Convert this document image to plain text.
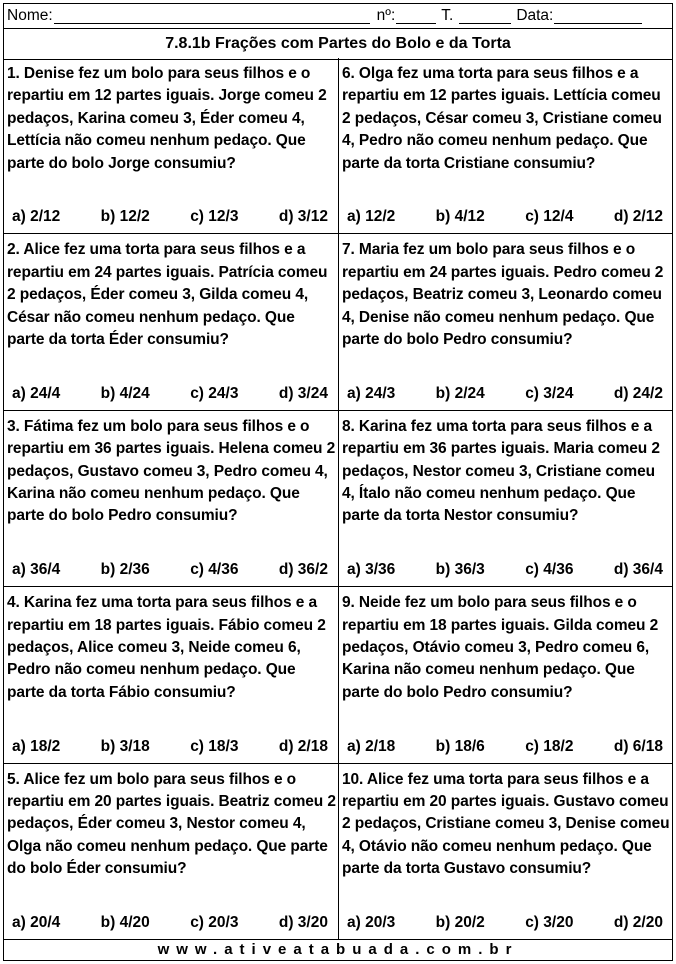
Nome:	nº:	T.	Data:
7.8.1b Frações com Partes do Bolo e da Torta
1. Denise fez um bolo para seus filhos e o repartiu em 12 partes iguais. Jorge comeu 2 pedaços, Karina comeu 3, Éder comeu 4, Lettícia não comeu nenhum pedaço. Que parte do bolo Jorge consumiu?
a) 2/12	b) 12/2	c) 12/3	d) 3/12
2. Alice fez uma torta para seus filhos e a repartiu em 24 partes iguais. Patrícia comeu 2 pedaços, Éder comeu 3, Gilda comeu 4, César não comeu nenhum pedaço. Que parte da torta Éder consumiu?
a) 24/4	b) 4/24	c) 24/3	d) 3/24
3. Fátima fez um bolo para seus filhos e o repartiu em 36 partes iguais. Helena comeu 2 pedaços, Gustavo comeu 3, Pedro comeu 4, Karina não comeu nenhum pedaço. Que parte do bolo Pedro consumiu?
a) 36/4	b) 2/36	c) 4/36	d) 36/2
4. Karina fez uma torta para seus filhos e a repartiu em 18 partes iguais. Fábio comeu 2 pedaços, Alice comeu 3, Neide comeu 6, Pedro não comeu nenhum pedaço. Que parte da torta Fábio consumiu?
a) 18/2	b) 3/18	c) 18/3	d) 2/18
5. Alice fez um bolo para seus filhos e o repartiu em 20 partes iguais. Beatriz comeu 2 pedaços, Éder comeu 3, Nestor comeu 4, Olga não comeu nenhum pedaço. Que parte do bolo Éder consumiu?
a) 20/4	b) 4/20	c) 20/3	d) 3/20
6. Olga fez uma torta para seus filhos e a repartiu em 12 partes iguais. Lettícia comeu 2 pedaços, César comeu 3, Cristiane comeu 4, Pedro não comeu nenhum pedaço. Que parte da torta Cristiane consumiu?
a) 12/2	b) 4/12	c) 12/4	d) 2/12
7. Maria fez um bolo para seus filhos e o repartiu em 24 partes iguais. Pedro comeu 2 pedaços, Beatriz comeu 3, Leonardo comeu 4, Denise não comeu nenhum pedaço. Que parte do bolo Pedro consumiu?
a) 24/3	b) 2/24	c) 3/24	d) 24/2
8. Karina fez uma torta para seus filhos e a repartiu em 36 partes iguais. Maria comeu 2 pedaços, Nestor comeu 3, Cristiane comeu 4, Ítalo não comeu nenhum pedaço. Que parte da torta Nestor consumiu?
a) 3/36	b) 36/3	c) 4/36	d) 36/4
9. Neide fez um bolo para seus filhos e o repartiu em 18 partes iguais. Gilda comeu 2 pedaços, Otávio comeu 3, Pedro comeu 6, Karina não comeu nenhum pedaço. Que parte do bolo Pedro consumiu?
a) 2/18	b) 18/6	c) 18/2	d) 6/18
10. Alice fez uma torta para seus filhos e a repartiu em 20 partes iguais. Gustavo comeu 2 pedaços, Cristiane comeu 3, Denise comeu 4, Otávio não comeu nenhum pedaço. Que parte da torta Gustavo consumiu?
a) 20/3	b) 20/2	c) 3/20	d) 2/20
www.ativeatabuada.com.br
